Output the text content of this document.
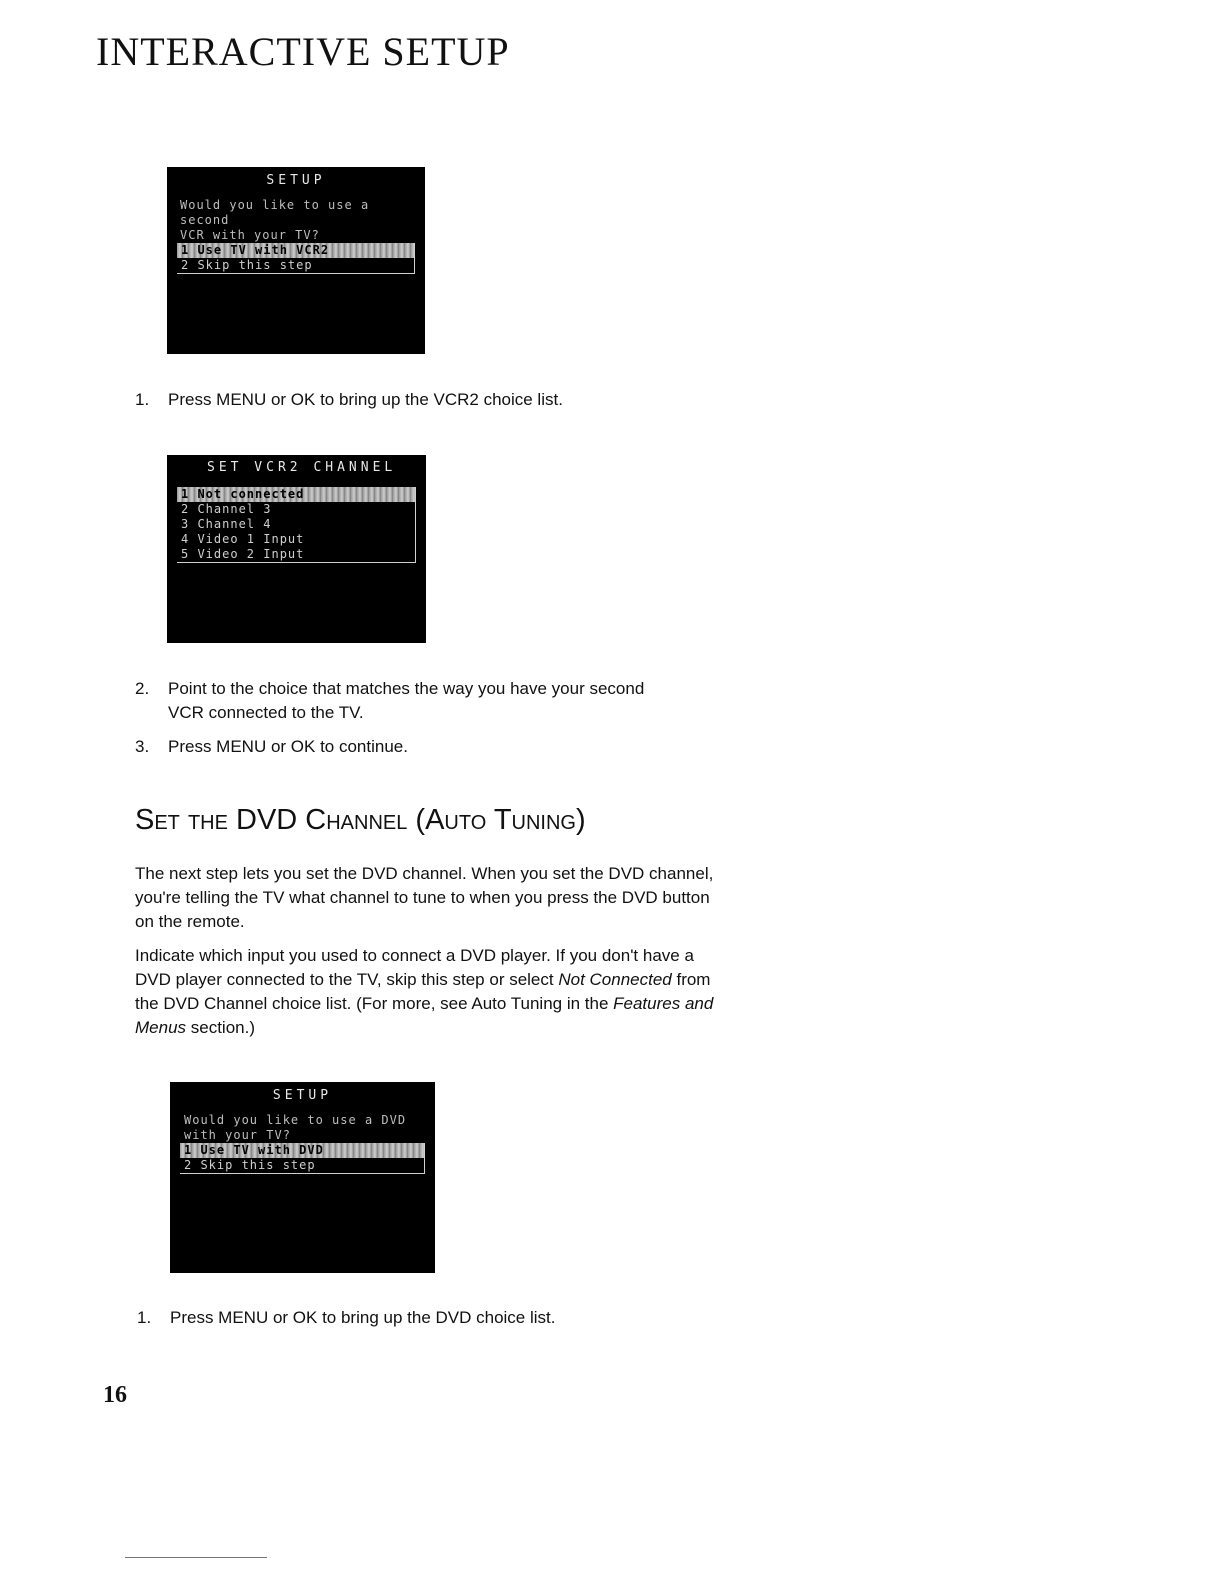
INTERACTIVE SETUP
SETUP
Would you like to use a second
VCR with your TV?
1 Use TV with VCR2
2 Skip this step
1. Press MENU or OK to bring up the VCR2 choice list.
SET VCR2 CHANNEL
1 Not connected
2 Channel 3
3 Channel 4
4 Video 1 Input
5 Video 2 Input
2. Point to the choice that matches the way you have your second
VCR connected to the TV.
3. Press MENU or OK to continue.
Set the DVD Channel (Auto Tuning)

The next step lets you set the DVD channel. When you set the DVD channel, you're telling the TV what channel to tune to when you press the DVD button on the remote.

Indicate which input you used to connect a DVD player. If you don't have a DVD player connected to the TV, skip this step or select Not Connected from the DVD Channel choice list. (For more, see Auto Tuning in the Features and Menus section.)

SETUP
Would you like to use a DVD
with your TV?
1 Use TV with DVD
2 Skip this step
1. Press MENU or OK to bring up the DVD choice list.
16
